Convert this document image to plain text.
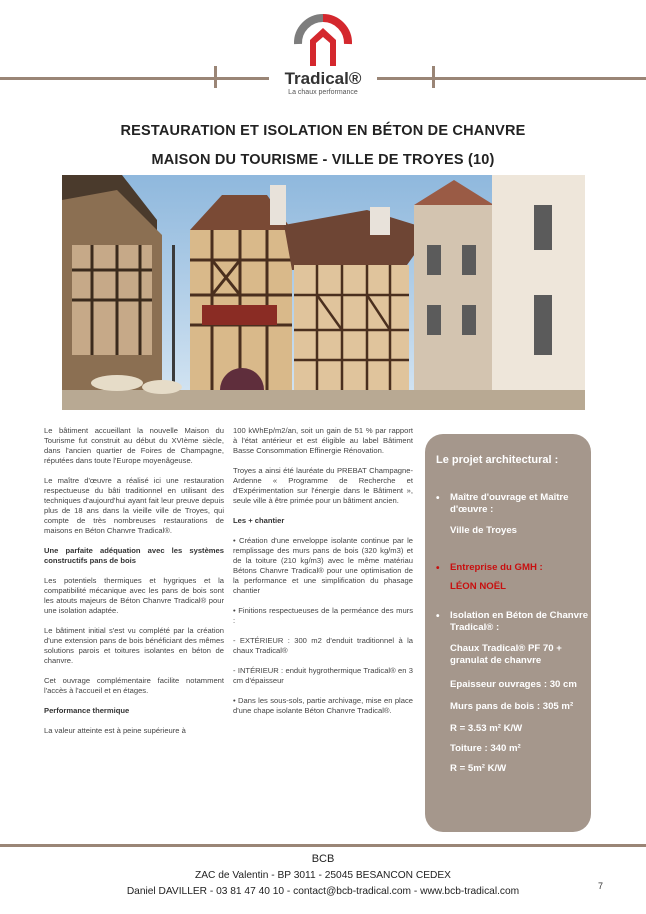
Tradical®
La chaux performance
RESTAURATION ET ISOLATION EN BÉTON DE CHANVRE
MAISON DU TOURISME - VILLE DE TROYES (10)

Le bâtiment accueillant la nouvelle Maison du Tourisme fut construit au début du XVIème siècle, dans l'ancien quartier de Foires de Champagne, réputées dans toute l'Europe moyenâgeuse.

Le maître d'œuvre a réalisé ici une restauration respectueuse du bâti traditionnel en utilisant des techniques d'aujourd'hui ayant fait leur preuve depuis plus de 18 ans dans la vieille ville de Troyes, qui compte de très nombreuses restaurations de maisons en Béton Chanvre Tradical®.

Une parfaite adéquation avec les systèmes constructifs pans de bois

Les potentiels thermiques et hygriques et la compatibilité mécanique avec les pans de bois sont les atouts majeurs de Béton Chanvre Tradical® pour une isolation adaptée.

Le bâtiment initial s'est vu complété par la création d'une extension pans de bois bénéficiant des mêmes solutions parois et toitures isolantes en béton de chanvre.

Cet ouvrage complémentaire facilite notamment l'accès à l'accueil et en étages.

Performance thermique

La valeur atteinte est à peine supérieure à

100 kWhEp/m2/an, soit un gain de 51 % par rapport à l'état antérieur et est éligible au label Bâtiment Basse Consommation Effinergie Rénovation.

Troyes a ainsi été lauréate du PREBAT Champagne-Ardenne « Programme de Recherche et d'Expérimentation sur l'énergie dans le Bâtiment », seule ville à être primée pour un bâtiment ancien.

Les + chantier

• Création d'une enveloppe isolante continue par le remplissage des murs pans de bois (320 kg/m3) et de la toiture (210 kg/m3) avec le même matériau Bétons Chanvre Tradical® pour une optimisation de la performance et une simplification du phasage chantier

• Finitions respectueuses de la perméance des murs :

- EXTÉRIEUR : 300 m2 d'enduit traditionnel à la chaux Tradical®

- INTÉRIEUR : enduit hygrothermique Tradical® en 3 cm d'épaisseur

• Dans les sous-sols, partie archivage, mise en place d'une chape isolante Béton Chanvre Tradical®.

Le projet architectural :
• Maître d'ouvrage et Maître d'œuvre :
Ville de Troyes
• Entreprise du GMH :
LÉON NOËL
• Isolation en Béton de Chanvre Tradical® :
Chaux Tradical® PF 70 + granulat de chanvre
Epaisseur ouvrages : 30 cm
Murs pans de bois : 305 m²
R = 3.53 m² K/W
Toiture : 340 m²
R = 5m² K/W
BCB
ZAC de Valentin - BP 3011 - 25045 BESANCON CEDEX
Daniel DAVILLER - 03 81 47 40 10 - contact@bcb-tradical.com - www.bcb-tradical.com	7
